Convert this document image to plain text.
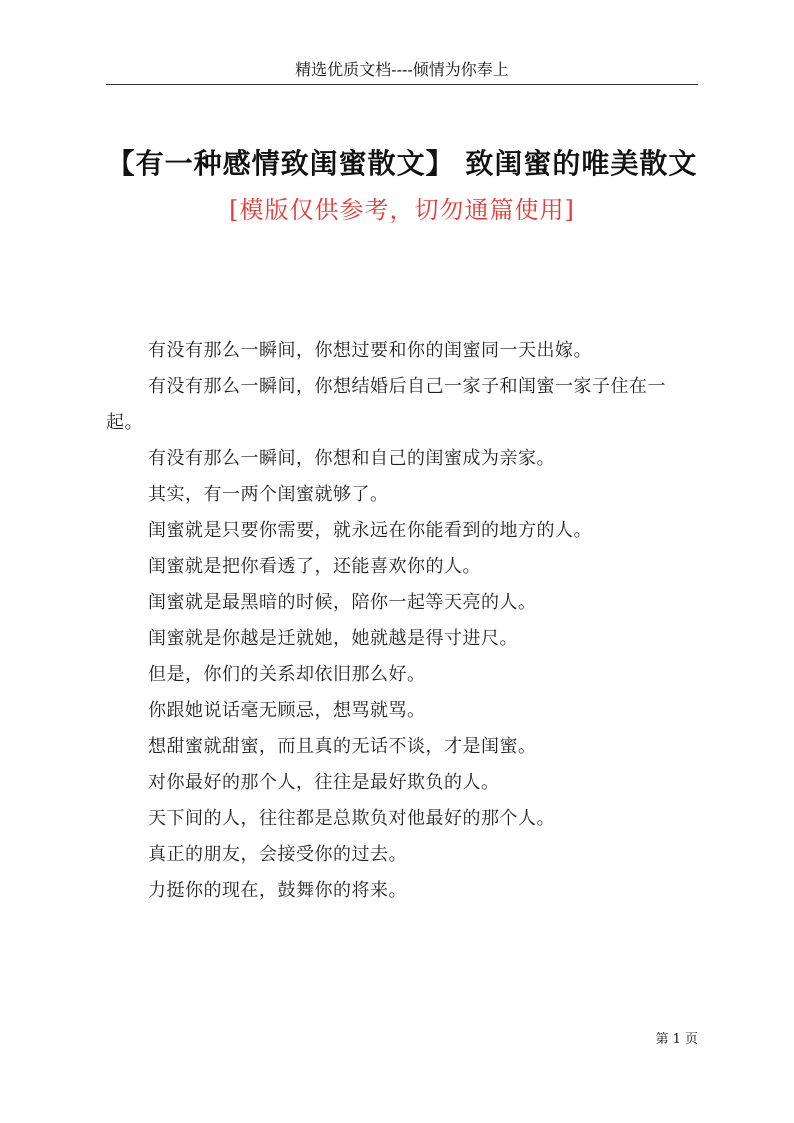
精选优质文档----倾情为你奉上
【有一种感情致闺蜜散文】 致闺蜜的唯美散文
[模版仅供参考，切勿通篇使用]

有没有那么一瞬间，你想过要和你的闺蜜同一天出嫁。

有没有那么一瞬间，你想结婚后自己一家子和闺蜜一家子住在一起。

有没有那么一瞬间，你想和自己的闺蜜成为亲家。

其实，有一两个闺蜜就够了。

闺蜜就是只要你需要，就永远在你能看到的地方的人。

闺蜜就是把你看透了，还能喜欢你的人。

闺蜜就是最黑暗的时候，陪你一起等天亮的人。

闺蜜就是你越是迁就她，她就越是得寸进尺。

但是，你们的关系却依旧那么好。

你跟她说话毫无顾忌，想骂就骂。

想甜蜜就甜蜜，而且真的无话不谈，才是闺蜜。

对你最好的那个人，往往是最好欺负的人。

天下间的人，往往都是总欺负对他最好的那个人。

真正的朋友，会接受你的过去。

力挺你的现在，鼓舞你的将来。

第 1 页
